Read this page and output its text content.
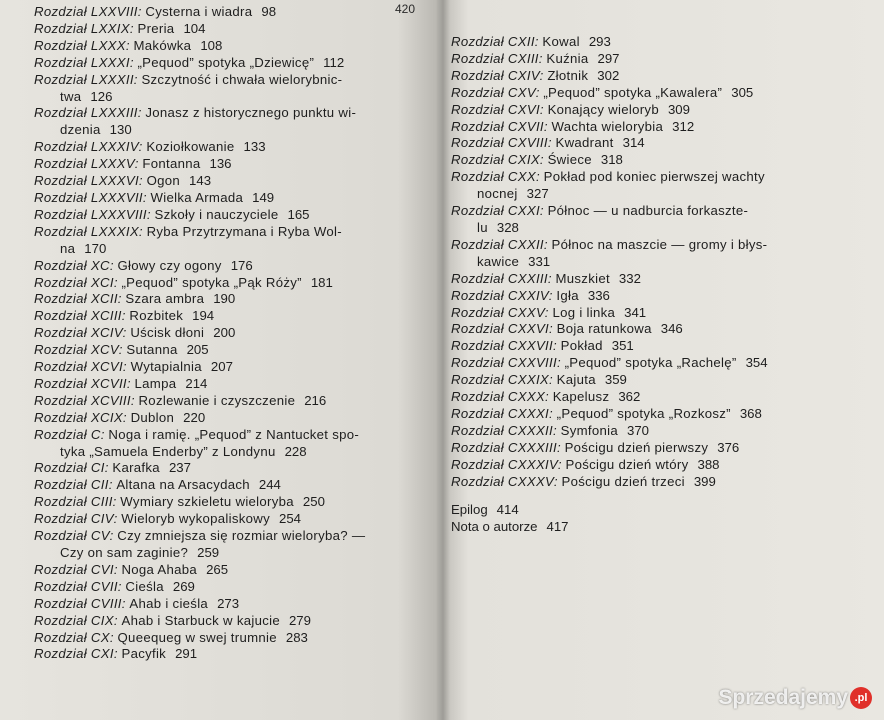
420

Rozdział LXXVIII: Cysterna i wiadra 98

Rozdział LXXIX: Preria 104

Rozdział LXXX: Makówka 108

Rozdział LXXXI: „Pequod” spotyka „Dziewicę” 112

Rozdział LXXXII: Szczytność i chwała wielorybnic-
twa 126

Rozdział LXXXIII: Jonasz z historycznego punktu wi-
dzenia 130

Rozdział LXXXIV: Koziołkowanie 133

Rozdział LXXXV: Fontanna 136

Rozdział LXXXVI: Ogon 143

Rozdział LXXXVII: Wielka Armada 149

Rozdział LXXXVIII: Szkoły i nauczyciele 165

Rozdział LXXXIX: Ryba Przytrzymana i Ryba Wol-
na 170

Rozdział XC: Głowy czy ogony 176

Rozdział XCI: „Pequod” spotyka „Pąk Róży” 181

Rozdział XCII: Szara ambra 190

Rozdział XCIII: Rozbitek 194

Rozdział XCIV: Uścisk dłoni 200

Rozdział XCV: Sutanna 205

Rozdział XCVI: Wytapialnia 207

Rozdział XCVII: Lampa 214

Rozdział XCVIII: Rozlewanie i czyszczenie 216

Rozdział XCIX: Dublon 220

Rozdział C: Noga i ramię. „Pequod” z Nantucket spo-
tyka „Samuela Enderby” z Londynu 228

Rozdział CI: Karafka 237

Rozdział CII: Altana na Arsacydach 244

Rozdział CIII: Wymiary szkieletu wieloryba 250

Rozdział CIV: Wieloryb wykopaliskowy 254

Rozdział CV: Czy zmniejsza się rozmiar wieloryba? —
Czy on sam zaginie? 259

Rozdział CVI: Noga Ahaba 265

Rozdział CVII: Cieśla 269

Rozdział CVIII: Ahab i cieśla 273

Rozdział CIX: Ahab i Starbuck w kajucie 279

Rozdział CX: Queequeg w swej trumnie 283

Rozdział CXI: Pacyfik 291

Rozdział CXII: Kowal 293

Rozdział CXIII: Kuźnia 297

Rozdział CXIV: Złotnik 302

Rozdział CXV: „Pequod” spotyka „Kawalera” 305

Rozdział CXVI: Konający wieloryb 309

Rozdział CXVII: Wachta wielorybia 312

Rozdział CXVIII: Kwadrant 314

Rozdział CXIX: Świece 318

Rozdział CXX: Pokład pod koniec pierwszej wachty
nocnej 327

Rozdział CXXI: Północ — u nadburcia forkaszte-
lu 328

Rozdział CXXII: Północ na maszcie — gromy i błys-
kawice 331

Rozdział CXXIII: Muszkiet 332

Rozdział CXXIV: Igła 336

Rozdział CXXV: Log i linka 341

Rozdział CXXVI: Boja ratunkowa 346

Rozdział CXXVII: Pokład 351

Rozdział CXXVIII: „Pequod” spotyka „Rachelę” 354

Rozdział CXXIX: Kajuta 359

Rozdział CXXX: Kapelusz 362

Rozdział CXXXI: „Pequod” spotyka „Rozkosz” 368

Rozdział CXXXII: Symfonia 370

Rozdział CXXXIII: Pościgu dzień pierwszy 376

Rozdział CXXXIV: Pościgu dzień wtóry 388

Rozdział CXXXV: Pościgu dzień trzeci 399

Epilog 414

Nota o autorze 417

Sprzedajemy .pl
